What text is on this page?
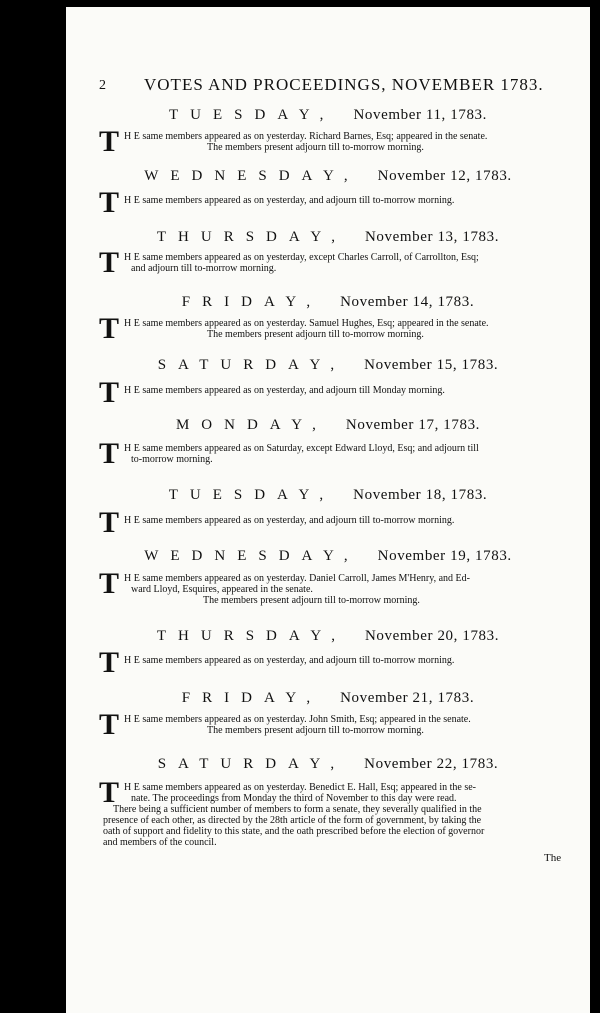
2 VOTES AND PROCEEDINGS, NOVEMBER 1783.
TUESDAY, November 11, 1783.
T H E same members appeared as on yesterday. Richard Barnes, Esq; appeared in the senate.
The members present adjourn till to-morrow morning.
WEDNESDAY, November 12, 1783.
T H E same members appeared as on yesterday, and adjourn till to-morrow morning.
THURSDAY, November 13, 1783.
T H E same members appeared as on yesterday, except Charles Carroll, of Carrollton, Esq;
and adjourn till to-morrow morning.
FRIDAY, November 14, 1783.
T H E same members appeared as on yesterday. Samuel Hughes, Esq; appeared in the senate.
The members present adjourn till to-morrow morning.
SATURDAY, November 15, 1783.
T H E same members appeared as on yesterday, and adjourn till Monday morning.
MONDAY, November 17, 1783.
T H E same members appeared as on Saturday, except Edward Lloyd, Esq; and adjourn till
to-morrow morning.
TUESDAY, November 18, 1783.
T H E same members appeared as on yesterday, and adjourn till to-morrow morning.
WEDNESDAY, November 19, 1783.
T H E same members appeared as on yesterday. Daniel Carroll, James M'Henry, and Ed-
ward Lloyd, Esquires, appeared in the senate.
The members present adjourn till to-morrow morning.
THURSDAY, November 20, 1783.
T H E same members appeared as on yesterday, and adjourn till to-morrow morning.
FRIDAY, November 21, 1783.
T H E same members appeared as on yesterday. John Smith, Esq; appeared in the senate.
The members present adjourn till to-morrow morning.
SATURDAY, November 22, 1783.
T H E same members appeared as on yesterday. Benedict E. Hall, Esq; appeared in the se-
nate. The proceedings from Monday the third of November to this day were read.
There being a sufficient number of members to form a senate, they severally qualified in the
presence of each other, as directed by the 28th article of the form of government, by taking the
oath of support and fidelity to this state, and the oath prescribed before the election of governor
and members of the council.
The
